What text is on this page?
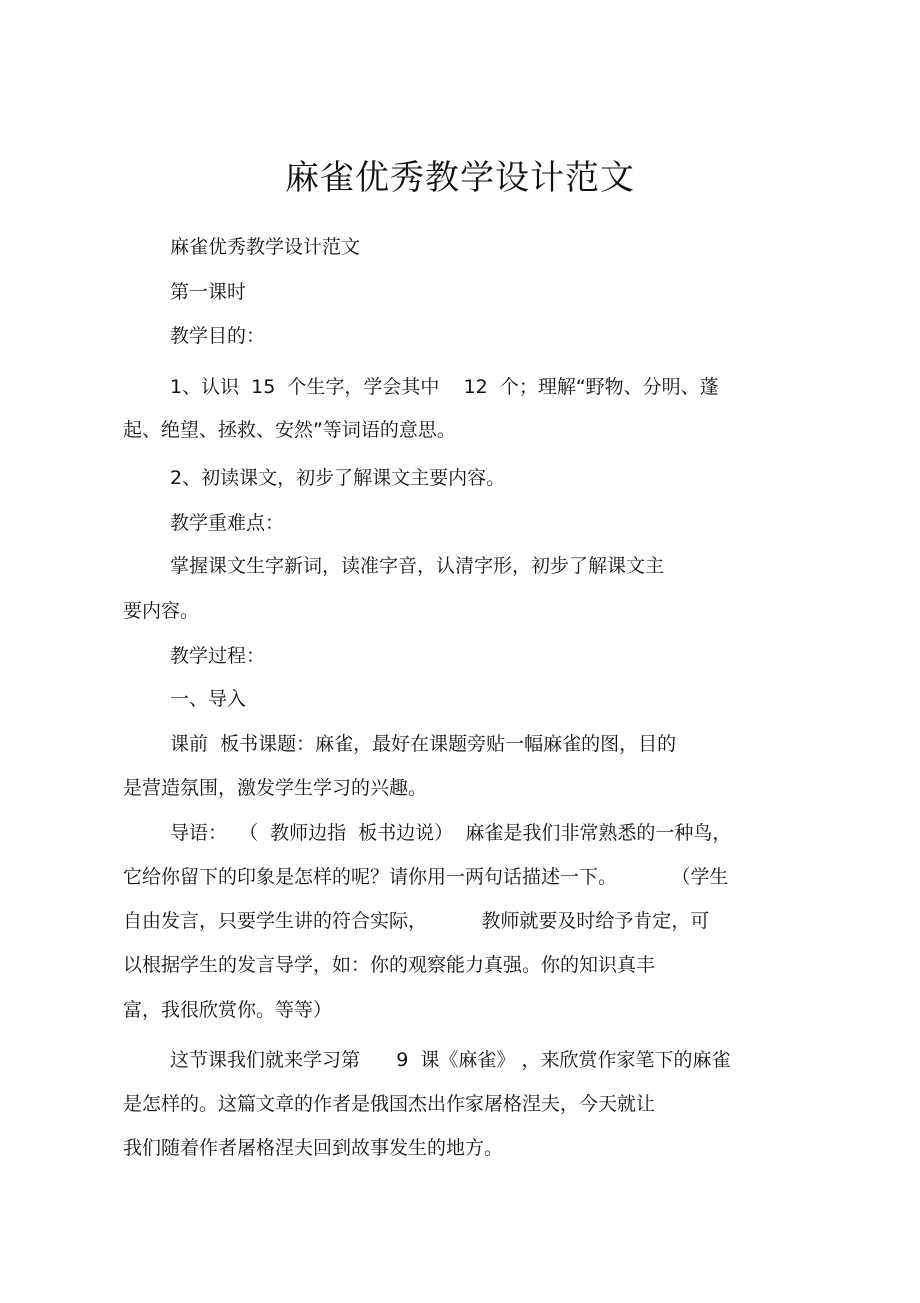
麻雀优秀教学设计范文
麻雀优秀教学设计范文
第一课时
教学目的：
1、认识  15  个生字，学会其中    12  个；理解“野物、分明、蓬
起、绝望、拯救、安然”等词语的意思。
2、初读课文，初步了解课文主要内容。
教学重难点：
掌握课文生字新词，读准字音，认清字形，初步了解课文主
要内容。
教学过程：
一、导入
课前  板书课题：麻雀，最好在课题旁贴一幅麻雀的图，目的
是营造氛围，激发学生学习的兴趣。
导语：  （  教师边指  板书边说）  麻雀是我们非常熟悉的一种鸟，
它给你留下的印象是怎样的呢？请你用一两句话描述一下。         （学生
自由发言，只要学生讲的符合实际，         教师就要及时给予肯定，可
以根据学生的发言导学，如：你的观察能力真强。你的知识真丰
富，我很欣赏你。等等）
这节课我们就来学习第      9  课《麻雀》 ，来欣赏作家笔下的麻雀
是怎样的。这篇文章的作者是俄国杰出作家屠格涅夫，今天就让
我们随着作者屠格涅夫回到故事发生的地方。
